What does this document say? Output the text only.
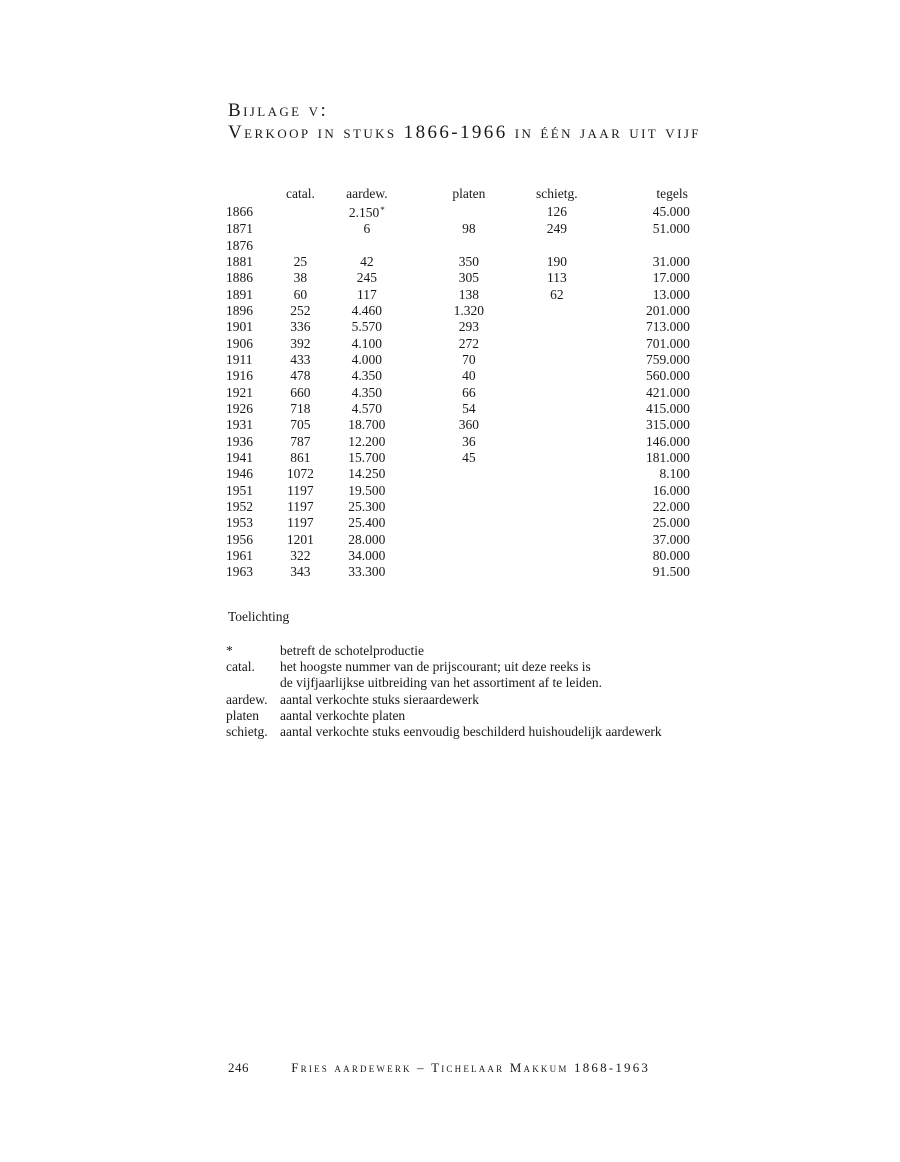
Bijlage v:
Verkoop in stuks 1866-1966 in één jaar uit vijf
	catal.	aardew.	platen	schietg.	tegels
1866		2.150*		126	45.000
1871		6	98	249	51.000
1876					
1881	25	42	350	190	31.000
1886	38	245	305	113	17.000
1891	60	117	138	62	13.000
1896	252	4.460	1.320		201.000
1901	336	5.570	293		713.000
1906	392	4.100	272		701.000
1911	433	4.000	70		759.000
1916	478	4.350	40		560.000
1921	660	4.350	66		421.000
1926	718	4.570	54		415.000
1931	705	18.700	360		315.000
1936	787	12.200	36		146.000
1941	861	15.700	45		181.000
1946	1072	14.250			8.100
1951	1197	19.500			16.000
1952	1197	25.300			22.000
1953	1197	25.400			25.000
1956	1201	28.000			37.000
1961	322	34.000			80.000
1963	343	33.300			91.500
Toelichting
*	betreft de schotelproductie
catal.	het hoogste nummer van de prijscourant; uit deze reeks is
	de vijfjaarlijkse uitbreiding van het assortiment af te leiden.
aardew.	aantal verkochte stuks sieraardewerk
platen	aantal verkochte platen
schietg.	aantal verkochte stuks eenvoudig beschilderd huishoudelijk aardewerk
246	Fries aardewerk – Tichelaar Makkum 1868-1963
